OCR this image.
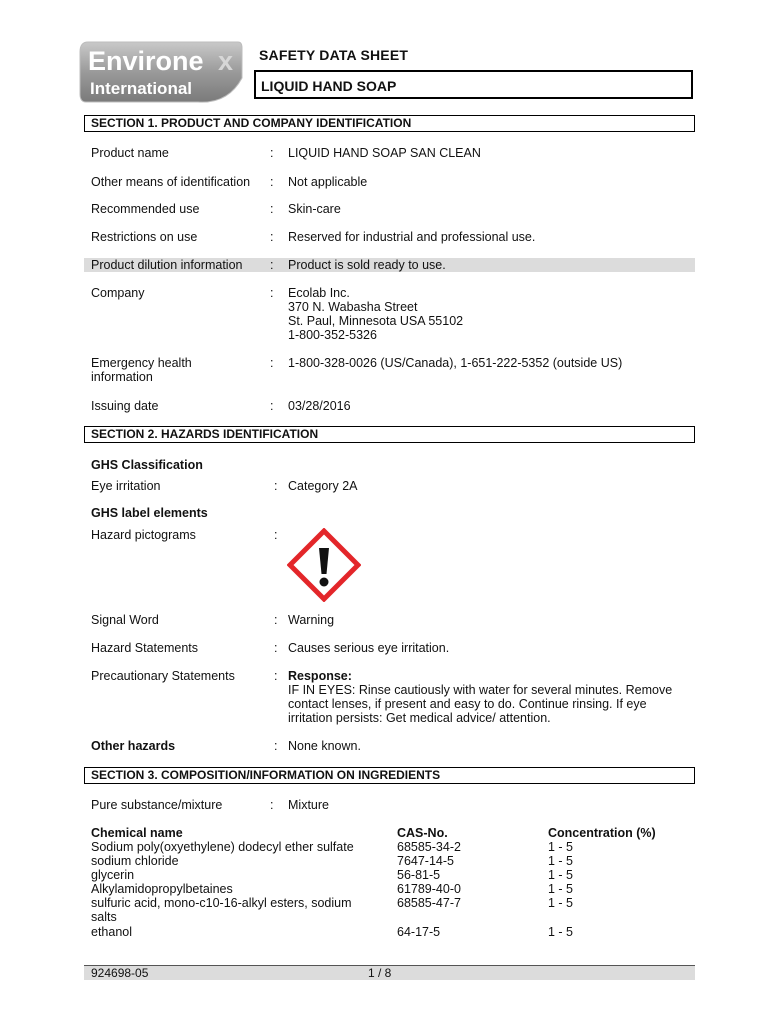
Environe x
International
SAFETY DATA SHEET
LIQUID HAND SOAP
SECTION 1. PRODUCT AND COMPANY IDENTIFICATION
Product name	: LIQUID HAND SOAP SAN CLEAN
Other means of identification : Not applicable
Recommended use	: Skin-care
Restrictions on use	: Reserved for industrial and professional use.
Product dilution information : Product is sold ready to use.
Company	: Ecolab Inc.
370 N. Wabasha Street
St. Paul, Minnesota USA 55102
1-800-352-5326
Emergency health
information
: 1-800-328-0026 (US/Canada), 1-651-222-5352 (outside US)
Issuing date	: 03/28/2016
SECTION 2. HAZARDS IDENTIFICATION
GHS Classification
Eye irritation	: Category 2A
GHS label elements
Hazard pictograms	:
Signal Word	: Warning
Hazard Statements	: Causes serious eye irritation.
Precautionary Statements	: Response:
IF IN EYES: Rinse cautiously with water for several minutes. Remove
contact lenses, if present and easy to do. Continue rinsing. If eye
irritation persists: Get medical advice/ attention.
Other hazards	: None known.
SECTION 3. COMPOSITION/INFORMATION ON INGREDIENTS
Pure substance/mixture	: Mixture
Chemical name	CAS-No.	Concentration (%)
Sodium poly(oxyethylene) dodecyl ether sulfate	68585-34-2	1 - 5
sodium chloride	7647-14-5	1 - 5
glycerin	56-81-5	1 - 5
Alkylamidopropylbetaines	61789-40-0	1 - 5
sulfuric acid, mono-c10-16-alkyl esters, sodium
salts
68585-47-7	1 - 5
ethanol	64-17-5	1 - 5
924698-05	1 / 8
